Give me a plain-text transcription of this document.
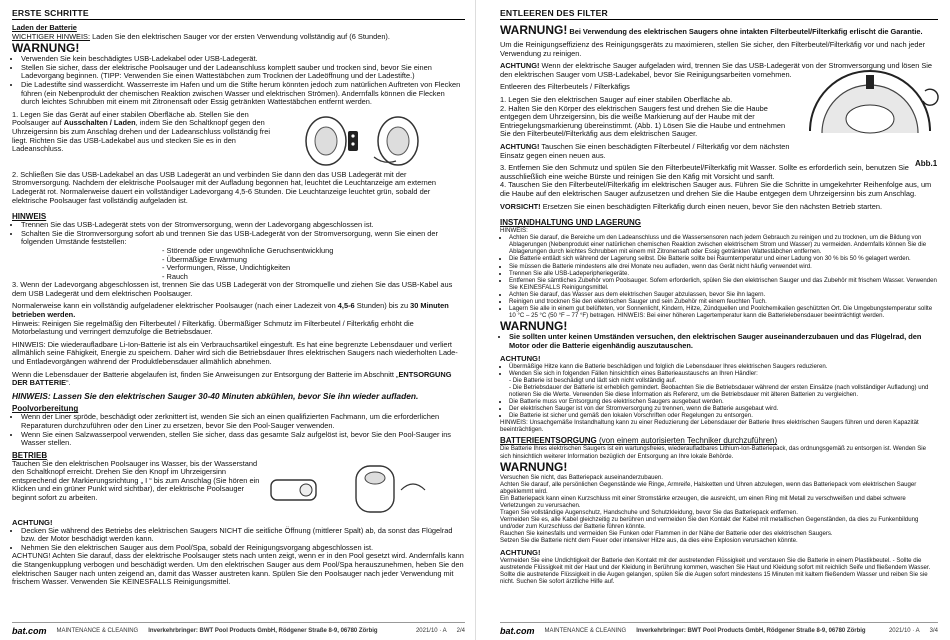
ERSTE SCHRITTE
Laden der Batterie

WICHTIGER HINWEIS: Laden Sie den elektrischen Sauger vor der ersten Verwendung vollständig auf (6 Stunden).

WARNUNG!
• Verwenden Sie kein beschädigtes USB-Ladekabel oder USB-Ladegerät.
• Stellen Sie sicher, dass der elektrische Poolsauger und der Ladeanschluss komplett sauber und trocken sind, bevor Sie einen Ladevorgang beginnen. (TIPP: Verwenden Sie einen Wattestäbchen zum Trocknen der Ladeöffnung und der Ladestifte.)
• Die Ladestifte sind wasserdicht. Wasserreste im Hafen und um die Stifte herum könnten jedoch zum natürlichen Auftreten von Flecken führen (ein Nebenprodukt der chemischen Reaktion zwischen Wasser und elektrischen Strömen). Andernfalls können die Flecken durch leichtes Schrubben mit einem mit Zitronensaft oder Essig getränkten Wattestäbchen entfernt werden.

1. Legen Sie das Gerät auf einer stabilen Oberfläche ab. Stellen Sie den Poolsauger auf Ausschalten / Laden, indem Sie den Schaltknopf gegen den Uhrzeigersinn bis zum Anschlag drehen und der Ladeanschluss vollständig frei liegt. Richten Sie das USB-Ladekabel aus und stecken Sie es in den Ladeanschluss.

2. Schließen Sie das USB-Ladekabel an das USB Ladegerät an und verbinden Sie dann den das USB Ladegerät mit der Stromversorgung. Nachdem der elektrische Poolsauger mit der Aufladung begonnen hat, leuchtet die Leuchtanzeige am externen Ladegerät rot. Normalerweise dauert ein vollständiger Ladevorgang 4,5-6 Stunden. Die Leuchtanzeige leuchtet grün, sobald der elektrische Poolsauger fast vollständig aufgeladen ist.

HINWEIS
• Trennen Sie das USB-Ladegerät stets von der Stromversorgung, wenn der Ladevorgang abgeschlossen ist.
• Schalten Sie die Stromversorgung sofort ab und trennen Sie das USB-Ladegerät von der Stromversorgung, wenn Sie einen der folgenden Umstände feststellen:
- Störende oder ungewöhnliche Geruchsentwicklung
- Übermäßige Erwärmung
- Verformungen, Risse, Undichtigkeiten
- Rauch

3. Wenn der Ladevorgang abgeschlossen ist, trennen Sie das USB Ladegerät von der Stromquelle und ziehen Sie das USB-Kabel aus dem USB Ladegerät und dem elektrischen Poolsauger.

Normalerweise kann ein vollständig aufgeladener elektrischer Poolsauger (nach einer Ladezeit von 4,5-6 Stunden) bis zu 30 Minuten betrieben werden.

Hinweis: Reinigen Sie regelmäßig den Filterbeutel / Filterkäfig. Übermäßiger Schmutz im Filterbeutel / Filterkäfig erhöht die Motorbelastung und verringert demzufolge die Betriebsdauer.

HINWEIS: Die wiederaufladbare Li-Ion-Batterie ist als ein Verbrauchsartikel eingestuft. Es hat eine begrenzte Lebensdauer und verliert allmählich seine Fähigkeit, Energie zu speichern. Daher wird sich die Betriebsdauer Ihres elektrischen Saugers nach wiederholten Lade- und Entladevorgängen während der Produktlebensdauer allmählich abnehmen.

Wenn die Lebensdauer der Batterie abgelaufen ist, finden Sie Anweisungen zur Entsorgung der Batterie im Abschnitt „ENTSORGUNG DER BATTERIE“.

HINWEIS: Lassen Sie den elektrischen Sauger 30-40 Minuten abkühlen, bevor Sie ihn wieder aufladen.
Poolvorbereitung
• Wenn der Liner spröde, beschädigt oder zerknittert ist, wenden Sie sich an einen qualifizierten Fachmann, um die erforderlichen Reparaturen durchzuführen oder den Liner zu ersetzen, bevor Sie den Pool-Sauger verwenden.
• Wenn Sie einen Salzwasserpool verwenden, stellen Sie sicher, dass das gesamte Salz aufgelöst ist, bevor Sie den Pool-Sauger ins Wasser stellen.
BETRIEB

Tauchen Sie den elektrischen Poolsauger ins Wasser, bis der Wasserstand den Schaltknopf erreicht. Drehen Sie den Knopf im Uhrzeigersinn entsprechend der Markierungsrichtung „ I “ bis zum Anschlag (Sie hören ein Klicken und ein grüner Punkt wird sichtbar), der elektrische Poolsauger beginnt sofort zu arbeiten.

ACHTUNG!
• Decken Sie während des Betriebs des elektrischen Saugers NICHT die seitliche Öffnung (mittlerer Spalt) ab, da sonst das Flügelrad bzw. der Motor beschädigt werden kann.
• Nehmen Sie den elektrischen Sauger aus dem Pool/Spa, sobald der Reinigungsvorgang abgeschlossen ist.

ACHTUNG! Achten Sie darauf, dass der elektrische Poolsauger stets nach unten zeigt, wenn er in den Pool gesetzt wird. Andernfalls kann die Stangenkupplung verbogen und beschädigt werden. Um den elektrischen Sauger aus dem Pool/Spa herauszunehmen, heben Sie den elektrischen Sauger nach unten zeigend an, damit das Wasser austreten kann. Spülen Sie den Poolsauger nach jeder Verwendung mit frischem Wasser. Verwenden Sie KEINESFALLS Reinigungsmittel.

bat.com MAINTENANCE & CLEANING Inverkehrbringer: BWT Pool Products GmbH, Rödgener Straße 8-9, 06780 Zörbig	2021/10 · A 2/4
ENTLEEREN DES FILTER

WARNUNG! Bei Verwendung des elektrischen Saugers ohne intakten Filterbeutel/Filterkäfig erlischt die Garantie.

Um die Reinigungseffizienz des Reinigungsgeräts zu maximieren, stellen Sie sicher, den Filterbeutel/Filterkäfig vor und nach jeder Verwendung zu reinigen.

ACHTUNG! Wenn der elektrische Sauger aufgeladen wird, trennen Sie das USB-Ladegerät von der Stromversorgung und lösen Sie den elektrischen Sauger vom USB-Ladekabel, bevor Sie Reinigungsarbeiten vornehmen.

Entleeren des Filterbeutels / Filterkäfigs

1. Legen Sie den elektrischen Sauger auf einer stabilen Oberfläche ab.

2. Halten Sie den Körper des elektrischen Saugers fest und drehen Sie die Haube entgegen dem Uhrzeigersinn, bis die weiße Markierung auf der Haube mit der Entriegelungsmarkierung übereinstimmt. (Abb. 1) Lösen Sie die Haube und entnehmen Sie den Filterbeutel/Filterkäfig aus dem elektrischen Sauger.

ACHTUNG! Tauschen Sie einen beschädigten Filterbeutel / Filterkäfig vor dem nächsten Einsatz gegen einen neuen aus.

Abb.1

3. Entfernen Sie den Schmutz und spülen Sie den Filterbeutel/Filterkäfig mit Wasser. Sollte es erforderlich sein, benutzen Sie ausschließlich eine weiche Bürste und reinigen Sie den Käfig mit Vorsicht und sanft.

4. Tauschen Sie den Filterbeutel/Filterkäfig im elektrischen Sauger aus. Führen Sie die Schritte in umgekehrter Reihenfolge aus, um die Haube auf den elektrischen Sauger aufzusetzen und drehen Sie die Haube entgegen dem Uhrzeigersinn bis zum Anschlag.

VORSICHT! Ersetzen Sie einen beschädigten Filterkäfig durch einen neuen, bevor Sie den nächsten Betrieb starten.

INSTANDHALTUNG UND LAGERUNG

HINWEIS:

• Achten Sie darauf, die Bereiche um den Ladeanschluss und die Wassersensoren nach jedem Gebrauch zu reinigen und zu trocknen, um die Bildung von Ablagerungen (Nebenprodukt einer natürlichen chemischen Reaktion zwischen elektrischem Strom und Wasser) zu vermeiden. Andernfalls können Sie die Ablagerungen durch leichtes Schrubben mit einem mit Zitronensaft oder Essig getränkten Wattestäbchen entfernen.
• Die Batterie entlädt sich während der Lagerung selbst. Die Batterie sollte bei Raumtemperatur und einer Ladung von 30 % bis 50 % gelagert werden.
• Sie müssen die Batterie mindestens alle drei Monate neu aufladen, wenn das Gerät nicht häufig verwendet wird.
• Trennen Sie alle USB-Ladeperipheriegeräte.
• Entfernen Sie sämtliches Zubehör vom Poolsauger. Sofern erforderlich, spülen Sie den elektrischen Sauger und das Zubehör mit frischem Wasser. Verwenden Sie KEINESFALLS Reinigungsmittel.
• Achten Sie darauf, das Wasser aus dem elektrischen Sauger abzulassen, bevor Sie ihn lagern.
• Reinigen und trocknen Sie den elektrischen Sauger und sein Zubehör mit einem feuchten Tuch.
• Lagern Sie alle in einem gut belüfteten, vor Sonnenlicht, Kindern, Hitze, Zündquellen und Poolchemikalien geschützten Ort. Die Umgebungstemperatur sollte 10 °C – 25 °C (50 °F – 77 °F) betragen. HINWEIS: Bei einer höheren Lagertemperatur kann die Batterielebensdauer beeinträchtigt werden.
WARNUNG!
• Sie sollten unter keinen Umständen versuchen, den elektrischen Sauger auseinanderzubauen und das Flügelrad, den Motor oder die Batterie eigenhändig auszutauschen.
ACHTUNG!
• Übermäßige Hitze kann die Batterie beschädigen und folglich die Lebensdauer Ihres elektrischen Saugers reduzieren.
• Wenden Sie sich in folgenden Fällen hinsichtlich eines Batterieaustauschs an Ihren Händler:
- Die Batterie ist beschädigt und lädt sich nicht vollständig auf.
- Die Betriebsdauer der Batterie ist erheblich gemindert. Beobachten Sie die Betriebsdauer während der ersten Einsätze (nach vollständiger Aufladung) und notieren Sie die Werte. Verwenden Sie diese Information als Referenz, um die Betriebsdauer mit älteren Batterien zu vergleichen.
• Die Batterie muss vor Entsorgung des elektrischen Saugers ausgebaut werden.
• Der elektrischen Sauger ist von der Stromversorgung zu trennen, wenn die Batterie ausgebaut wird.
• Die Batterie ist sicher und gemäß den lokalen Vorschriften oder Regelungen zu entsorgen.

HINWEIS: Unsachgemäße Instandhaltung kann zu einer Reduzierung der Lebensdauer der Batterie Ihres elektrischen Saugers führen und deren Kapazität beeinträchtigen.

BATTERIEENTSORGUNG (von einem autorisierten Techniker durchzuführen)

Die Batterie Ihres elektrischen Saugers ist ein wartungsfreies, wiederaufladbares Lithium-Ion-Batteriepack, das ordnungsgemäß zu entsorgen ist. Wenden Sie sich hinsichtlich weiterer Information bezüglich der Entsorgung an Ihre lokale Behörde.

WARNUNG!

Versuchen Sie nicht, das Batteriepack auseinanderzubauen.

Achten Sie darauf, alle persönlichen Gegenstände wie Ringe, Armreife, Halsketten und Uhren abzulegen, wenn das Batteriepack vom elektrischen Sauger abgeklemmt wird.

Ein Batteriepack kann einen Kurzschluss mit einer Stromstärke erzeugen, die ausreicht, um einen Ring mit Metall zu verschweißen und dabei schwere Verletzungen zu verursachen.

Tragen Sie vollständige Augenschutz, Handschuhe und Schutzkleidung, bevor Sie das Batteriepack entfernen.

Vermeiden Sie es, alle Kabel gleichzeitig zu berühren und vermeiden Sie den Kontakt der Kabel mit metallischen Gegenständen, da dies zu Funkenbildung und/oder zum Kurzschluss der Batterie führen könnte.

Rauchen Sie keinesfalls und vermeiden Sie Funken oder Flammen in der Nähe der Batterie oder des elektrischen Saugers.

Setzen Sie die Batterie nicht dem Feuer oder intensiver Hitze aus, da dies eine Explosion verursachen könnte.

ACHTUNG!

Vermeiden Sie eine Undichtigkeit der Batterie den Kontakt mit der austretenden Flüssigkeit und verstauen Sie die Batterie in einem Plastikbeutel. - Sollte die austretende Flüssigkeit mit der Haut und der Kleidung in Berührung kommen, waschen Sie Haut und Kleidung sofort mit reichlich Seife und fließendem Wasser. Sollte die austretende Flüssigkeit in die Augen gelangen, spülen Sie die Augen sofort mindestens 15 Minuten mit kaltem fließendem Wasser und reiben Sie sie nicht. Suchen Sie sofort ärztliche Hilfe auf.

bat.com MAINTENANCE & CLEANING Inverkehrbringer: BWT Pool Products GmbH, Rödgener Straße 8-9, 06780 Zörbig	2021/10 · A 3/4
